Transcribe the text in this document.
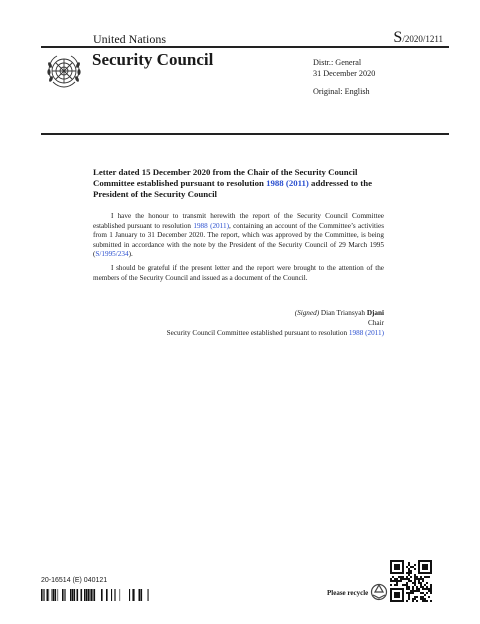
United Nations	S/2020/1211
Security Council	Distr.: General
31 December 2020
Original: English
Letter dated 15 December 2020 from the Chair of the Security Council Committee established pursuant to resolution 1988 (2011) addressed to the President of the Security Council

I have the honour to transmit herewith the report of the Security Council Committee established pursuant to resolution 1988 (2011), containing an account of the Committee’s activities from 1 January to 31 December 2020. The report, which was approved by the Committee, is being submitted in accordance with the note by the President of the Security Council of 29 March 1995 (S/1995/234).

I should be grateful if the present letter and the report were brought to the attention of the members of the Security Council and issued as a document of the Council.

(Signed) Dian Triansyah Djani
Chair
Security Council Committee established pursuant to resolution 1988 (2011)
20-16514 (E) 040121
Please recycle
